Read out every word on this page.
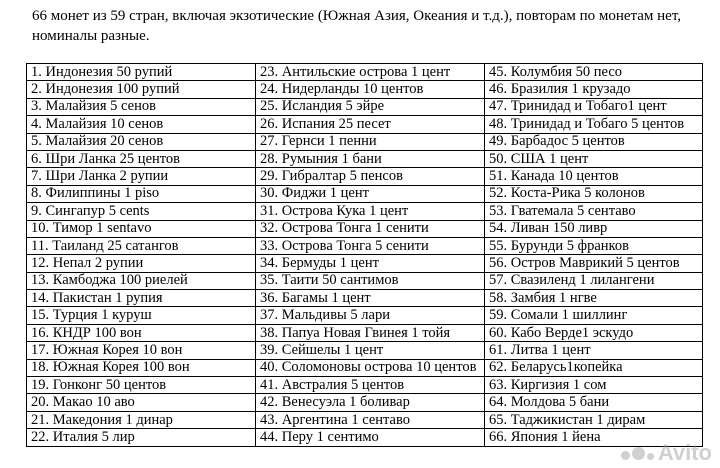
66 монет из 59 стран, включая экзотические (Южная Азия, Океания и т.д.), повторам по монетам нет, номиналы разные.

1. Индонезия 50 рупий	23. Антильские острова 1 цент	45. Колумбия 50 песо
2. Индонезия 100 рупий	24. Нидерланды 10 центов	46. Бразилия 1 крузадо
3. Малайзия 5 сенов	25. Исландия 5 эйре	47. Тринидад и Тобаго1 цент
4. Малайзия 10 сенов	26. Испания 25 песет	48. Тринидад и Тобаго 5 центов
5. Малайзия 20 сенов	27. Гернси 1 пенни	49. Барбадос 5 центов
6. Шри Ланка 25 центов	28. Румыния 1 бани	50. США 1 цент
7. Шри Ланка 2 рупии	29. Гибралтар 5 пенсов	51. Канада 10 центов
8. Филиппины 1 piso	30. Фиджи 1 цент	52. Коста-Рика 5 колонов
9. Сингапур 5 cents	31. Острова Кука 1 цент	53. Гватемала 5 сентаво
10. Тимор 1 sentavo	32. Острова Тонга 1 сенити	54. Ливан 150 ливр
11. Таиланд 25 сатангов	33. Острова Тонга 5 сенити	55. Бурунди 5 франков
12. Непал 2 рупии	34. Бермуды 1 цент	56. Остров Маврикий 5 центов
13. Камбоджа 100 риелей	35. Таити 50 сантимов	57. Свазиленд 1 лилангени
14. Пакистан 1 рупия	36. Багамы 1 цент	58. Замбия 1 нгве
15. Турция 1 куруш	37. Мальдивы 5 лари	59. Сомали 1 шиллинг
16. КНДР 100 вон	38. Папуа Новая Гвинея 1 тойя	60. Кабо Верде1 эскудо
17. Южная Корея 10 вон	39. Сейшелы 1 цент	61. Литва 1 цент
18. Южная Корея 100 вон	40. Соломоновы острова 10 центов	62. Беларусь1копейка
19. Гонконг 50 центов	41. Австралия 5 центов	63. Киргизия 1 сом
20. Макао 10 аво	42. Венесуэла 1 боливар	64. Молдова 5 бани
21. Македония 1 динар	43. Аргентина 1 сентаво	65. Таджикистан 1 дирам
22. Италия 5 лир	44. Перу 1 сентимо	66. Япония 1 йена
Avito
